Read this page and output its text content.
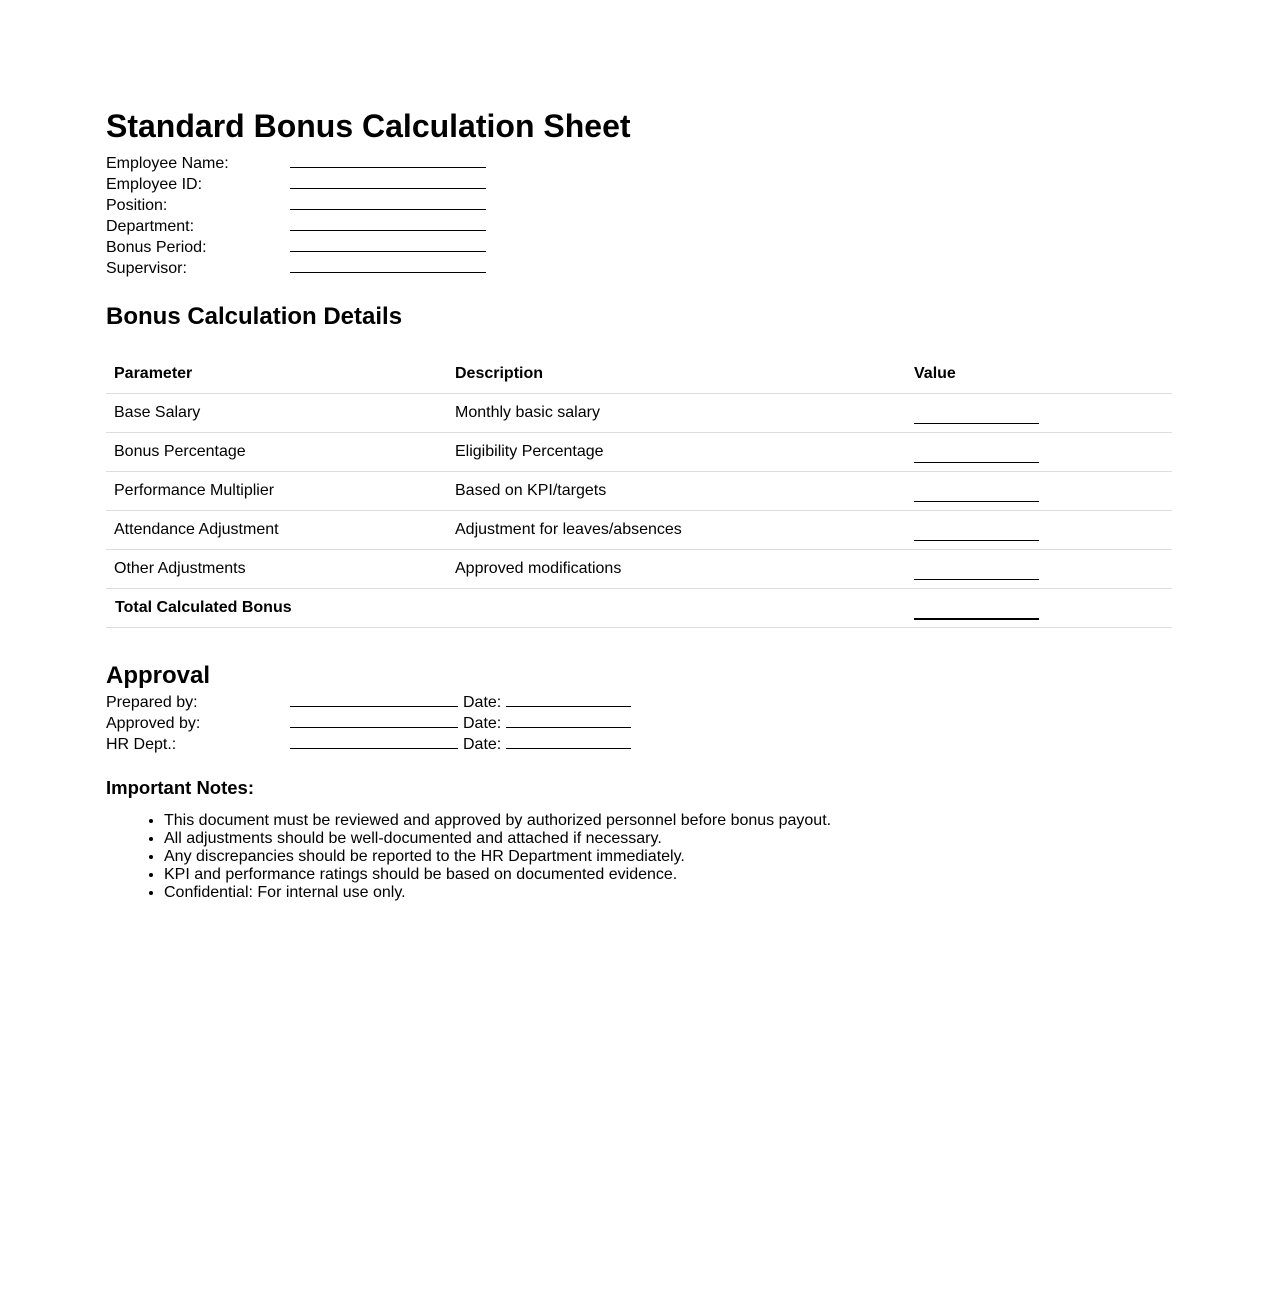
Standard Bonus Calculation Sheet
Employee Name:	
Employee ID:	
Position:	
Department:	
Bonus Period:	
Supervisor:	
Bonus Calculation Details
Parameter	Description	Value
Base Salary	Monthly basic salary	
Bonus Percentage	Eligibility Percentage	
Performance Multiplier	Based on KPI/targets	
Attendance Adjustment	Adjustment for leaves/absences	
Other Adjustments	Approved modifications	
Total Calculated Bonus		
Approval
Prepared by:		Date:	
Approved by:		Date:	
HR Dept.:		Date:	
Important Notes:
• This document must be reviewed and approved by authorized personnel before bonus payout.
• All adjustments should be well-documented and attached if necessary.
• Any discrepancies should be reported to the HR Department immediately.
• KPI and performance ratings should be based on documented evidence.
• Confidential: For internal use only.
